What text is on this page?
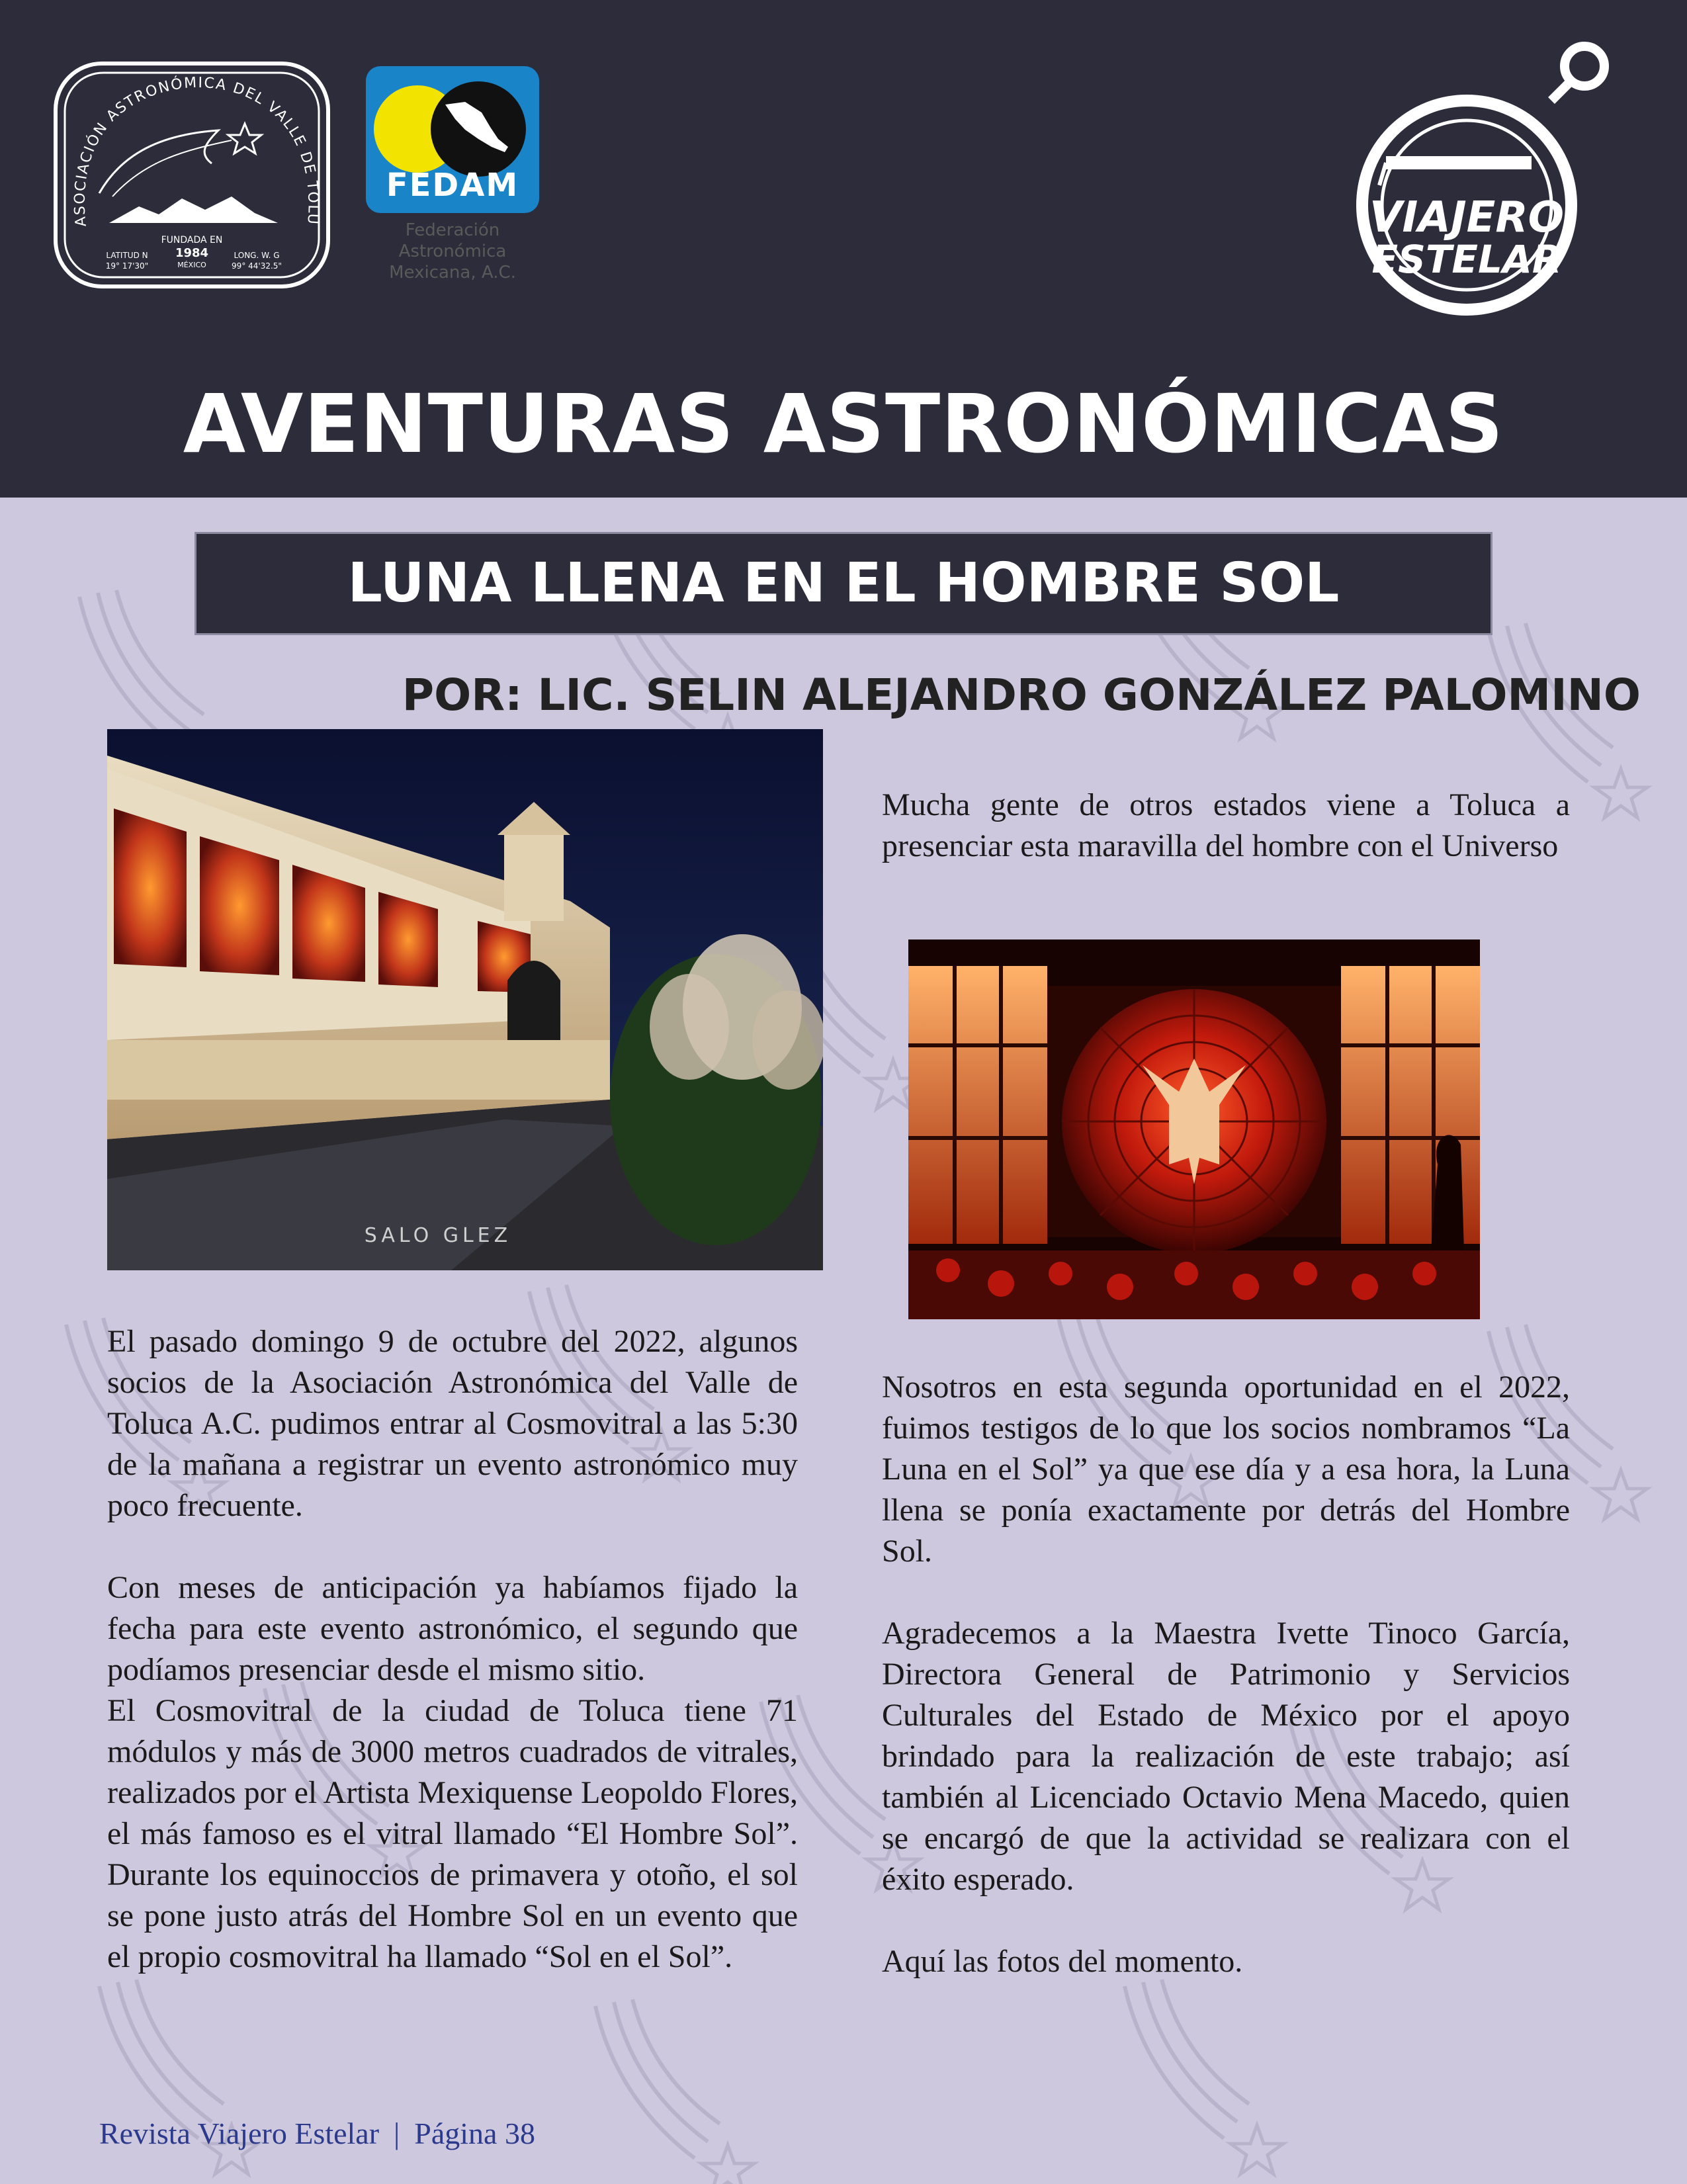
ASOCIACIÓN ASTRONÓMICA DEL VALLE DE TOLU
FUNDADA EN
1984
MÉXICO
LATITUD N
19° 17'30"
LONG. W. G
99° 44'32.5"
FEDAM
Federación
Astronómica
Mexicana, A.C.
VIAJERO
ESTELAR
AVENTURAS ASTRONÓMICAS
LUNA LLENA EN EL HOMBRE SOL
POR: LIC. SELIN ALEJANDRO GONZÁLEZ PALOMINO
SALO GLEZ

El pasado domingo 9 de octubre del 2022, algunos socios de la Asociación Astronómica del Valle de Toluca A.C. pudimos entrar al Cosmovitral a las 5:30 de la mañana a registrar un evento astronómico muy poco frecuente.

Con meses de anticipación ya habíamos fijado la fecha para este evento astronómico, el segundo que podíamos presenciar desde el mismo sitio.

El Cosmovitral de la ciudad de Toluca tiene 71 módulos y más de 3000 metros cuadrados de vitrales, realizados por el Artista Mexiquense Leopoldo Flores, el más famoso es el vitral llamado “El Hombre Sol”. Durante los equinoccios de primavera y otoño, el sol se pone justo atrás del Hombre Sol en un evento que el propio cosmovitral ha llamado “Sol en el Sol”.

Mucha gente de otros estados viene a Toluca a presenciar esta maravilla del hombre con el Universo

Nosotros en esta segunda oportunidad en el 2022, fuimos testigos de lo que los socios nombramos “La Luna en el Sol” ya que ese día y a esa hora, la Luna llena se ponía exactamente por detrás del Hombre Sol.

Agradecemos a la Maestra Ivette Tinoco García, Directora General de Patrimonio y Servicios Culturales del Estado de México por el apoyo brindado para la realización de este trabajo; así también al Licenciado Octavio Mena Macedo, quien se encargó de que la actividad se realizara con el éxito esperado.

Aquí las fotos del momento.

Revista Viajero Estelar | Página 38
